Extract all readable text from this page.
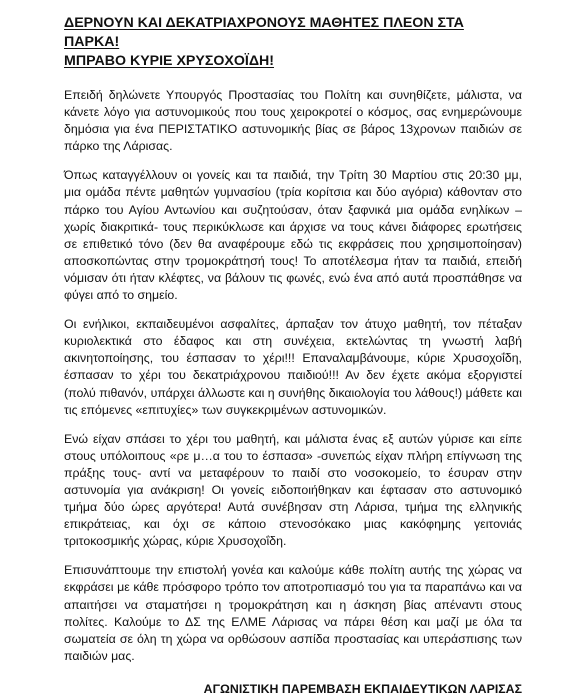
ΔΕΡΝΟΥΝ ΚΑΙ ΔΕΚΑΤΡΙΑΧΡΟΝΟΥΣ ΜΑΘΗΤΕΣ ΠΛΕΟΝ ΣΤΑ ΠΑΡΚΑ!
ΜΠΡΑΒΟ ΚΥΡΙΕ ΧΡΥΣΟΧΟΪΔΗ!

Επειδή δηλώνετε Υπουργός Προστασίας του Πολίτη και συνηθίζετε, μάλιστα, να κάνετε λόγο για αστυνομικούς που τους χειροκροτεί ο κόσμος, σας ενημερώνουμε δημόσια για ένα ΠΕΡΙΣΤΑΤΙΚΟ αστυνομικής βίας σε βάρος 13χρονων παιδιών σε πάρκο της Λάρισας.

Όπως καταγγέλλουν οι γονείς και τα παιδιά, την Τρίτη 30 Μαρτίου στις 20:30 μμ, μια ομάδα πέντε μαθητών γυμνασίου (τρία κορίτσια και δύο αγόρια) κάθονταν στο πάρκο του Αγίου Αντωνίου και συζητούσαν, όταν ξαφνικά μια ομάδα ενηλίκων –χωρίς διακριτικά- τους περικύκλωσε και άρχισε να τους κάνει διάφορες ερωτήσεις σε επιθετικό τόνο (δεν θα αναφέρουμε εδώ τις εκφράσεις που χρησιμοποίησαν) αποσκοπώντας στην τρομοκράτησή τους! Το αποτέλεσμα ήταν τα παιδιά, επειδή νόμισαν ότι ήταν κλέφτες, να βάλουν τις φωνές, ενώ ένα από αυτά προσπάθησε να φύγει από το σημείο.

Οι ενήλικοι, εκπαιδευμένοι ασφαλίτες, άρπαξαν τον άτυχο μαθητή, τον πέταξαν κυριολεκτικά στο έδαφος και στη συνέχεια, εκτελώντας τη γνωστή λαβή ακινητοποίησης, του έσπασαν το χέρι!!! Επαναλαμβάνουμε, κύριε Χρυσοχοΐδη, έσπασαν το χέρι του δεκατριάχρονου παιδιού!!! Αν δεν έχετε ακόμα εξοργιστεί (πολύ πιθανόν, υπάρχει άλλωστε και η συνήθης δικαιολογία του λάθους!) μάθετε και τις επόμενες «επιτυχίες» των συγκεκριμένων αστυνομικών.

Ενώ είχαν σπάσει το χέρι του μαθητή, και μάλιστα ένας εξ αυτών γύρισε και είπε στους υπόλοιπους «ρε μ…α του το έσπασα» -συνεπώς είχαν πλήρη επίγνωση της πράξης τους- αντί να μεταφέρουν το παιδί στο νοσοκομείο, το έσυραν στην αστυνομία για ανάκριση! Οι γονείς ειδοποιήθηκαν και έφτασαν στο αστυνομικό τμήμα δύο ώρες αργότερα! Αυτά συνέβησαν στη Λάρισα, τμήμα της ελληνικής επικράτειας, και όχι σε κάποιο στενοσόκακο μιας κακόφημης γειτονιάς τριτοκοσμικής χώρας, κύριε Χρυσοχοΐδη.

Επισυνάπτουμε την επιστολή γονέα και καλούμε κάθε πολίτη αυτής της χώρας να εκφράσει με κάθε πρόσφορο τρόπο τον αποτροπιασμό του για τα παραπάνω και να απαιτήσει να σταματήσει η τρομοκράτηση και η άσκηση βίας απέναντι στους πολίτες. Καλούμε το ΔΣ της ΕΛΜΕ Λάρισας να πάρει θέση και μαζί με όλα τα σωματεία σε όλη τη χώρα να ορθώσουν ασπίδα προστασίας και υπεράσπισης των παιδιών μας.

ΑΓΩΝΙΣΤΙΚΗ ΠΑΡΕΜΒΑΣΗ ΕΚΠΑΙΔΕΥΤΙΚΩΝ ΛΑΡΙΣΑΣ
